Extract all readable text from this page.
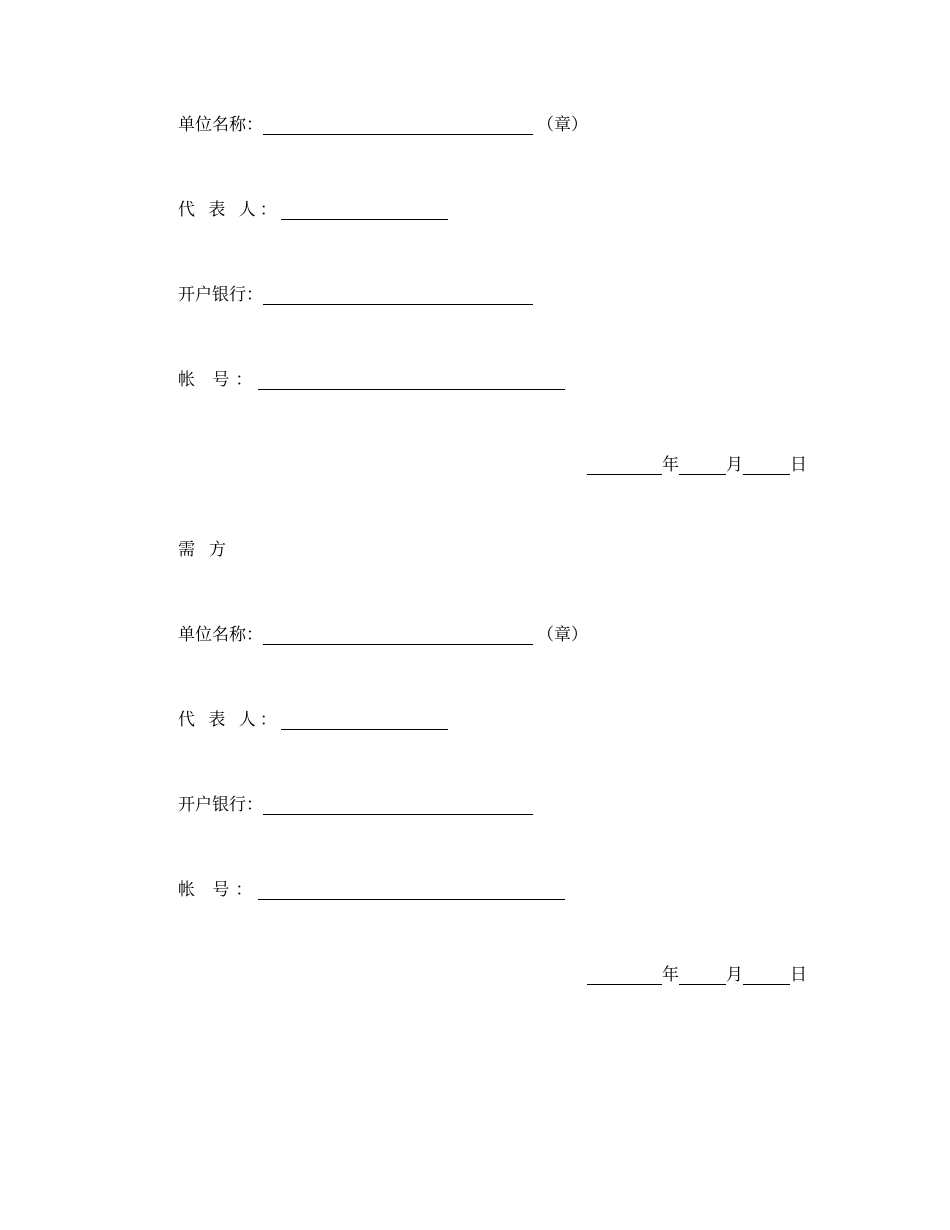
单位名称：	（章）
代 表 人：
开户银行：
帐 号：
年	月	日
需方
单位名称：	（章）
代 表 人：
开户银行：
帐 号：
年	月	日
